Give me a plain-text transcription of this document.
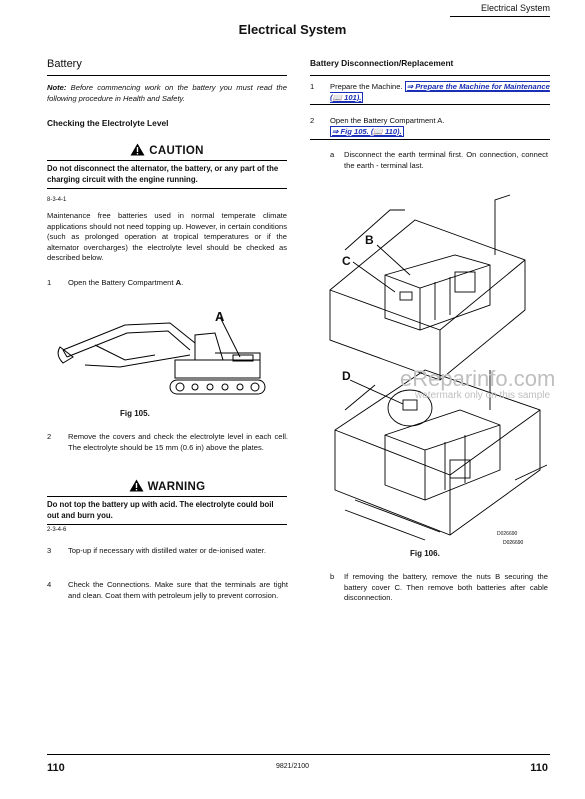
Electrical System
Electrical System
Battery
Note: Before commencing work on the battery you must read the following procedure in Health and Safety.
Checking the Electrolyte Level
CAUTION
Do not disconnect the alternator, the battery, or any part of the charging circuit with the engine running.
8-3-4-1
Maintenance free batteries used in normal temperate climate applications should not need topping up. However, in certain conditions (such as prolonged operation at tropical temperatures or if the alternator overcharges) the electrolyte level should be checked as described below.
1 Open the Battery Compartment A.
A
Fig 105.
2 Remove the covers and check the electrolyte level in each cell. The electrolyte should be 15 mm (0.6 in) above the plates.
WARNING
Do not top the battery up with acid. The electrolyte could boil out and burn you.
2-3-4-6
3 Top-up if necessary with distilled water or de-ionised water.
4 Check the Connections. Make sure that the terminals are tight and clean. Coat them with petroleum jelly to prevent corrosion.
Battery Disconnection/Replacement
1 Prepare the Machine. ⇒ Prepare the Machine for Maintenance (📖 101).
2 Open the Battery Compartment A.
⇒ Fig 105. (📖 110).
a Disconnect the earth terminal first. On connection, connect the earth - terminal last.
D026690
B
C
D
D026690
eReparinfo.com
watermark only on this sample
Fig 106.
b If removing the battery, remove the nuts B securing the battery cover C. Then remove both batteries after cable disconnection.
110	9821/2100	110
